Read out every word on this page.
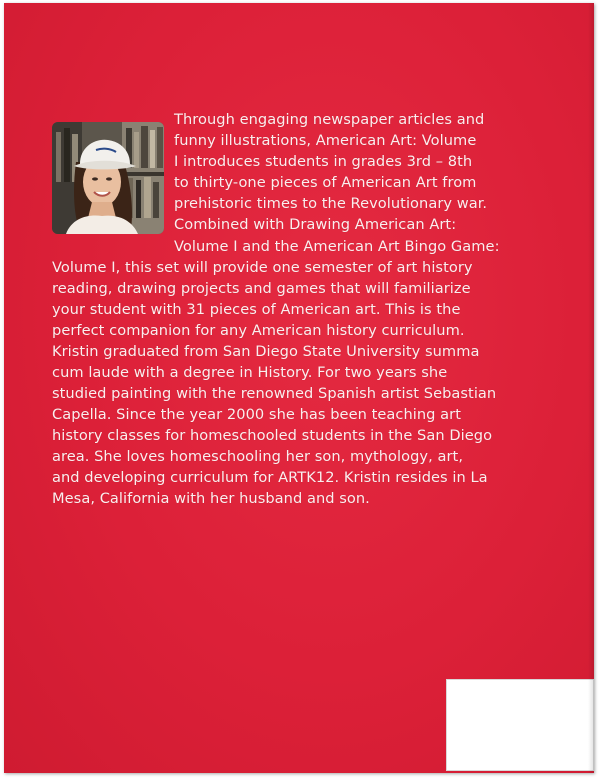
Through engaging newspaper articles and
funny illustrations, American Art: Volume
I introduces students in grades 3rd – 8th
to thirty-one pieces of American Art from
prehistoric times to the Revolutionary war.
Combined with Drawing American Art:
Volume I and the American Art Bingo Game:
Volume I, this set will provide one semester of art history
reading, drawing projects and games that will familiarize
your student with 31 pieces of American art. This is the
perfect companion for any American history curriculum.
Kristin graduated from San Diego State University summa
cum laude with a degree in History. For two years she
studied painting with the renowned Spanish artist Sebastian
Capella. Since the year 2000 she has been teaching art
history classes for homeschooled students in the San Diego
area. She loves homeschooling her son, mythology, art,
and developing curriculum for ARTK12. Kristin resides in La
Mesa, California with her husband and son.
